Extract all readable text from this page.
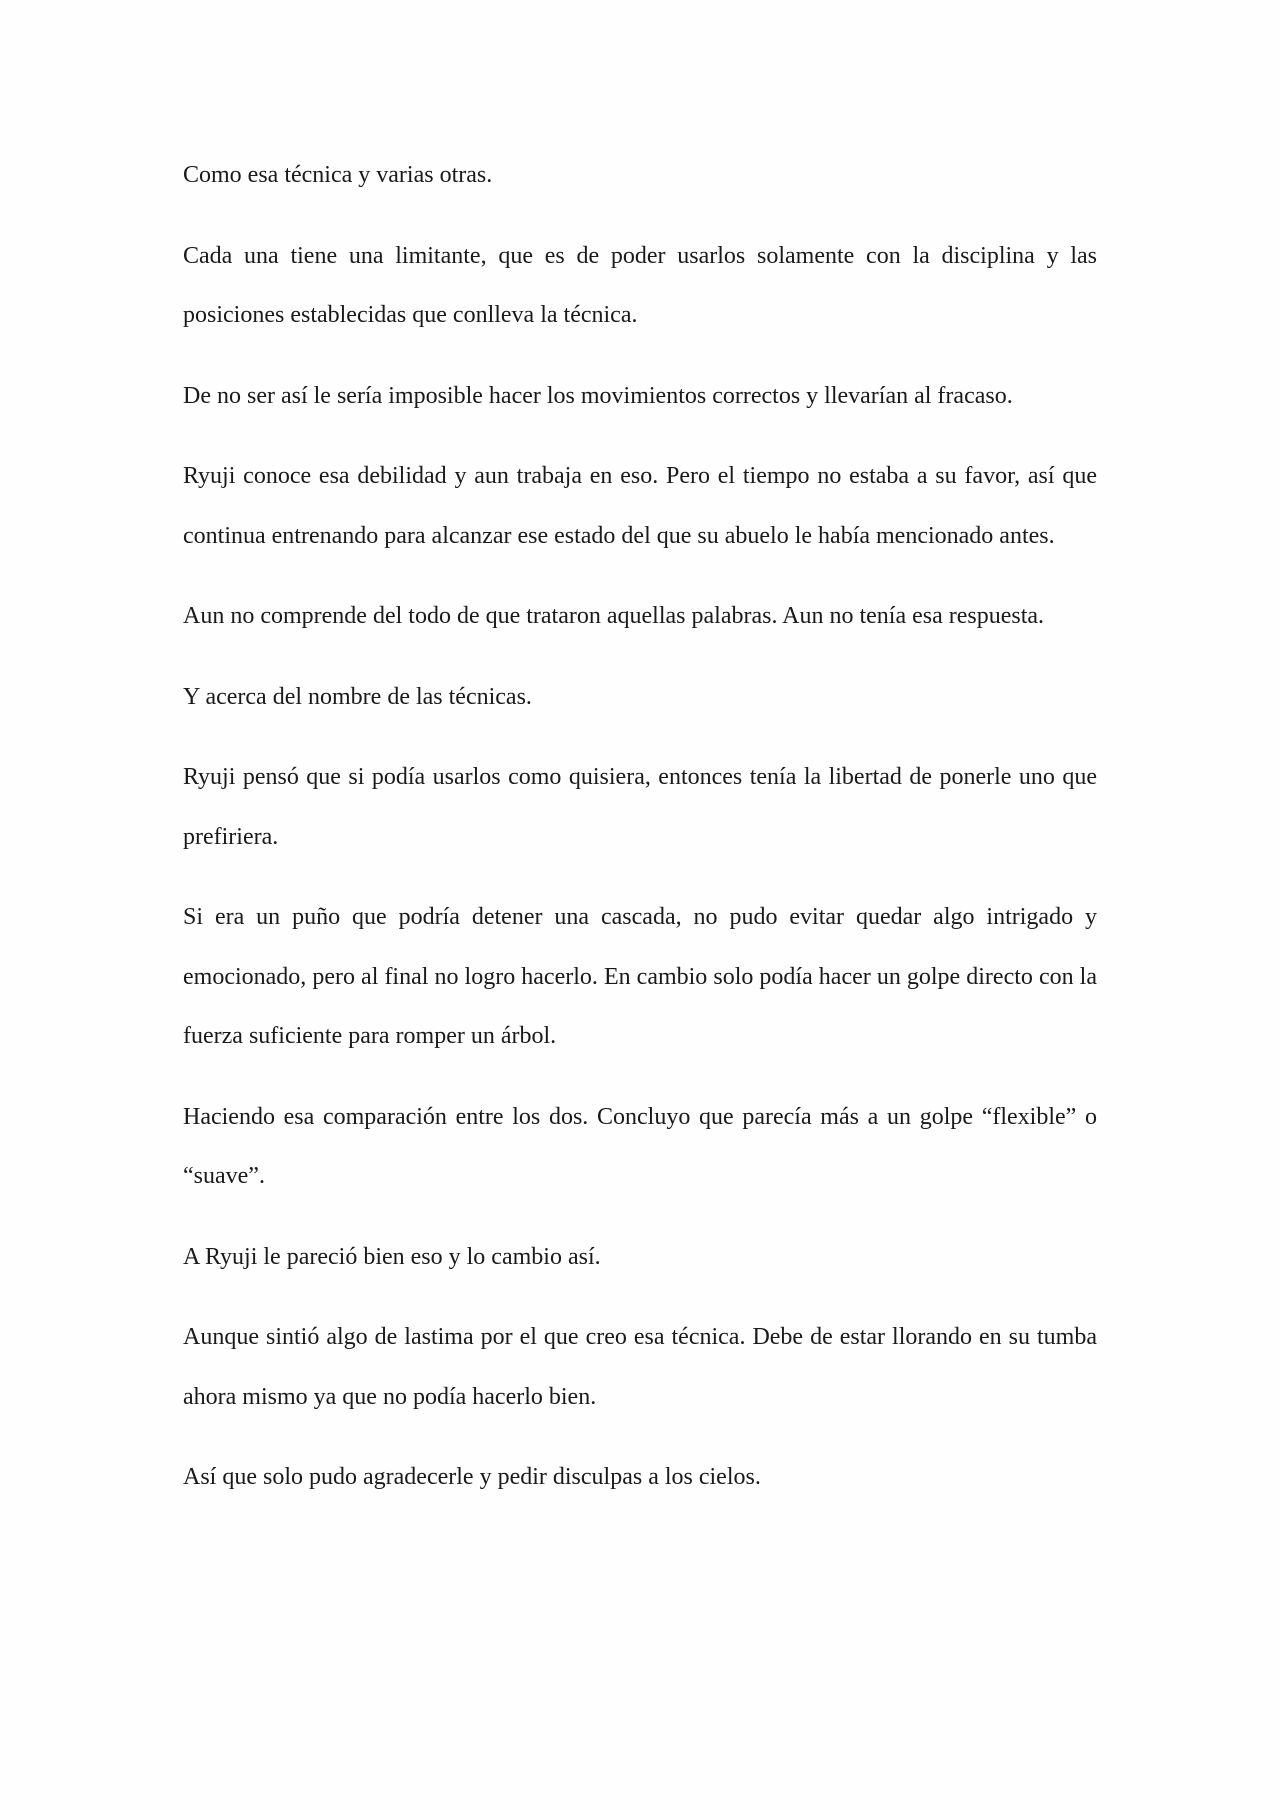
Como esa técnica y varias otras.

Cada una tiene una limitante, que es de poder usarlos solamente con la disciplina y las posiciones establecidas que conlleva la técnica.

De no ser así le sería imposible hacer los movimientos correctos y llevarían al fracaso.

Ryuji conoce esa debilidad y aun trabaja en eso. Pero el tiempo no estaba a su favor, así que continua entrenando para alcanzar ese estado del que su abuelo le había mencionado antes.

Aun no comprende del todo de que trataron aquellas palabras. Aun no tenía esa respuesta.

Y acerca del nombre de las técnicas.

Ryuji pensó que si podía usarlos como quisiera, entonces tenía la libertad de ponerle uno que prefiriera.

Si era un puño que podría detener una cascada, no pudo evitar quedar algo intrigado y emocionado, pero al final no logro hacerlo. En cambio solo podía hacer un golpe directo con la fuerza suficiente para romper un árbol.

Haciendo esa comparación entre los dos. Concluyo que parecía más a un golpe “flexible” o “suave”.

A Ryuji le pareció bien eso y lo cambio así.

Aunque sintió algo de lastima por el que creo esa técnica. Debe de estar llorando en su tumba ahora mismo ya que no podía hacerlo bien.

Así que solo pudo agradecerle y pedir disculpas a los cielos.
